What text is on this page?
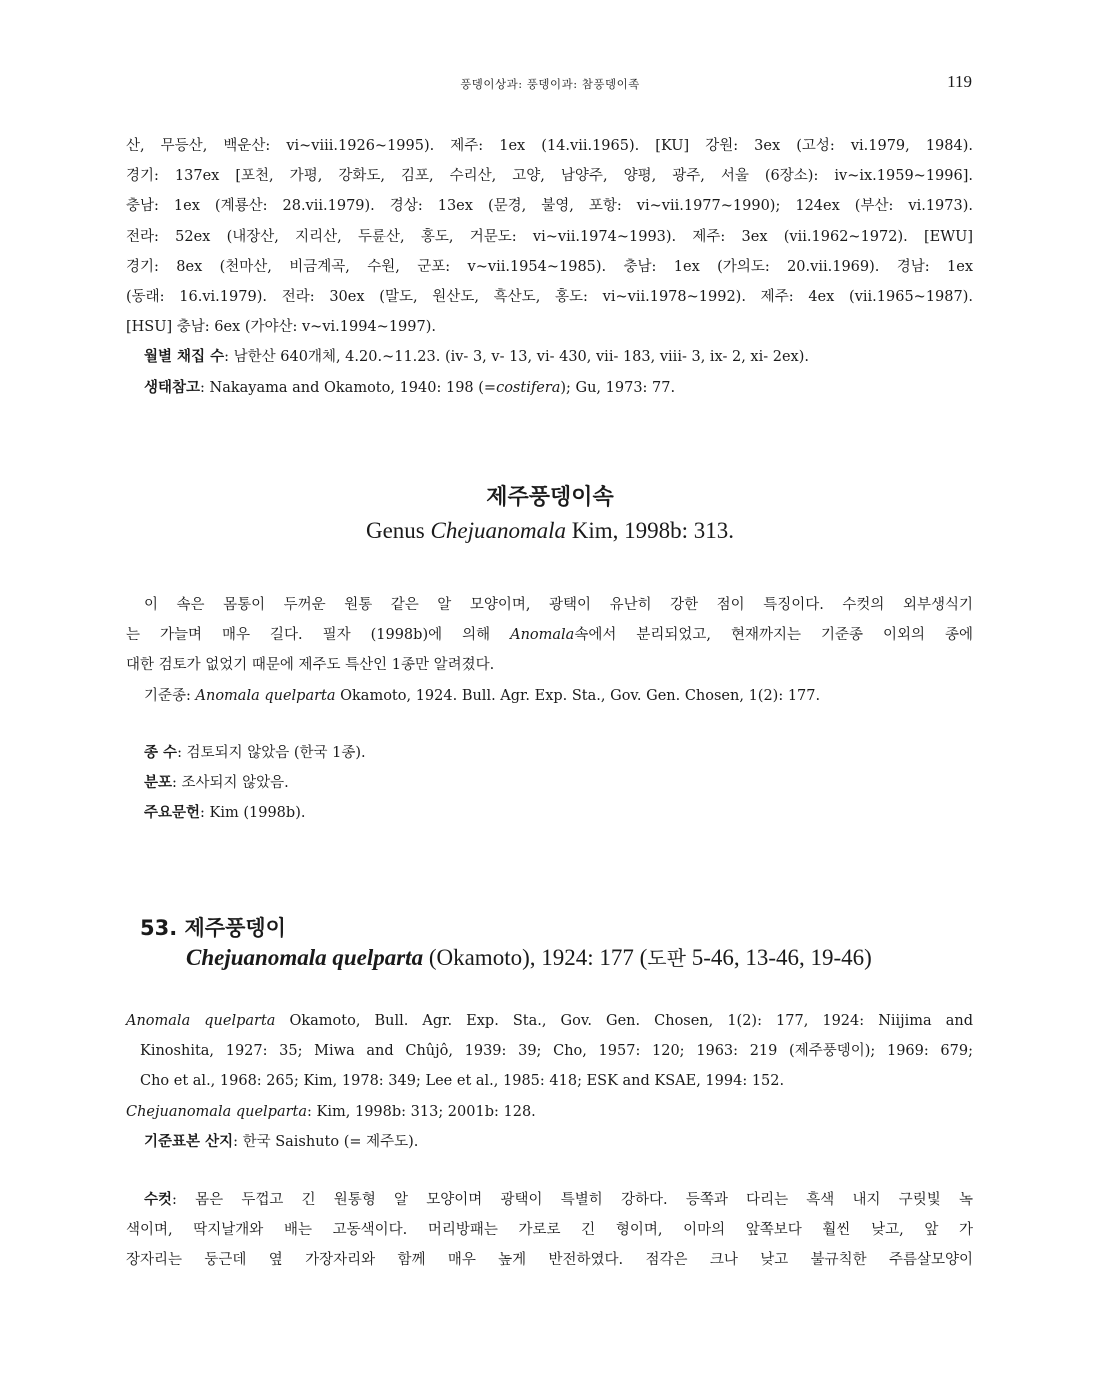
풍뎅이상과: 풍뎅이과: 참풍뎅이족	119
산, 무등산, 백운산: vi~viii.1926~1995). 제주: 1ex (14.vii.1965). [KU] 강원: 3ex (고성: vi.1979, 1984).
경기: 137ex [포천, 가평, 강화도, 김포, 수리산, 고양, 남양주, 양평, 광주, 서울 (6장소): iv~ix.1959~1996].
충남: 1ex (계룡산: 28.vii.1979). 경상: 13ex (문경, 불영, 포항: vi~vii.1977~1990); 124ex (부산: vi.1973).
전라: 52ex (내장산, 지리산, 두륜산, 홍도, 거문도: vi~vii.1974~1993). 제주: 3ex (vii.1962~1972). [EWU]
경기: 8ex (천마산, 비금계곡, 수원, 군포: v~vii.1954~1985). 충남: 1ex (가의도: 20.vii.1969). 경남: 1ex
(동래: 16.vi.1979). 전라: 30ex (말도, 원산도, 흑산도, 홍도: vi~vii.1978~1992). 제주: 4ex (vii.1965~1987).
[HSU] 충남: 6ex (가야산: v~vi.1994~1997).
월별 채집 수: 남한산 640개체, 4.20.~11.23. (iv- 3, v- 13, vi- 430, vii- 183, viii- 3, ix- 2, xi- 2ex).
생태참고: Nakayama and Okamoto, 1940: 198 (=costifera); Gu, 1973: 77.
제주풍뎅이속
Genus Chejuanomala Kim, 1998b: 313.
이 속은 몸통이 두꺼운 원통 같은 알 모양이며, 광택이 유난히 강한 점이 특징이다. 수컷의 외부생식기
는 가늘며 매우 길다. 필자 (1998b)에 의해 Anomala속에서 분리되었고, 현재까지는 기준종 이외의 종에
대한 검토가 없었기 때문에 제주도 특산인 1종만 알려졌다.
기준종: Anomala quelparta Okamoto, 1924. Bull. Agr. Exp. Sta., Gov. Gen. Chosen, 1(2): 177.
종 수: 검토되지 않았음 (한국 1종).
분포: 조사되지 않았음.
주요문헌: Kim (1998b).
53. 제주풍뎅이
Chejuanomala quelparta (Okamoto), 1924: 177 (도판 5-46, 13-46, 19-46)
Anomala quelparta Okamoto, Bull. Agr. Exp. Sta., Gov. Gen. Chosen, 1(2): 177, 1924: Niijima and
Kinoshita, 1927: 35; Miwa and Chûjô, 1939: 39; Cho, 1957: 120; 1963: 219 (제주풍뎅이); 1969: 679;
Cho et al., 1968: 265; Kim, 1978: 349; Lee et al., 1985: 418; ESK and KSAE, 1994: 152.
Chejuanomala quelparta: Kim, 1998b: 313; 2001b: 128.
기준표본 산지: 한국 Saishuto (= 제주도).
수컷: 몸은 두껍고 긴 원통형 알 모양이며 광택이 특별히 강하다. 등쪽과 다리는 흑색 내지 구릿빛 녹
색이며, 딱지날개와 배는 고동색이다. 머리방패는 가로로 긴 형이며, 이마의 앞쪽보다 훨씬 낮고, 앞 가
장자리는 둥근데 옆 가장자리와 함께 매우 높게 반전하였다. 점각은 크나 낮고 불규칙한 주름살모양이
